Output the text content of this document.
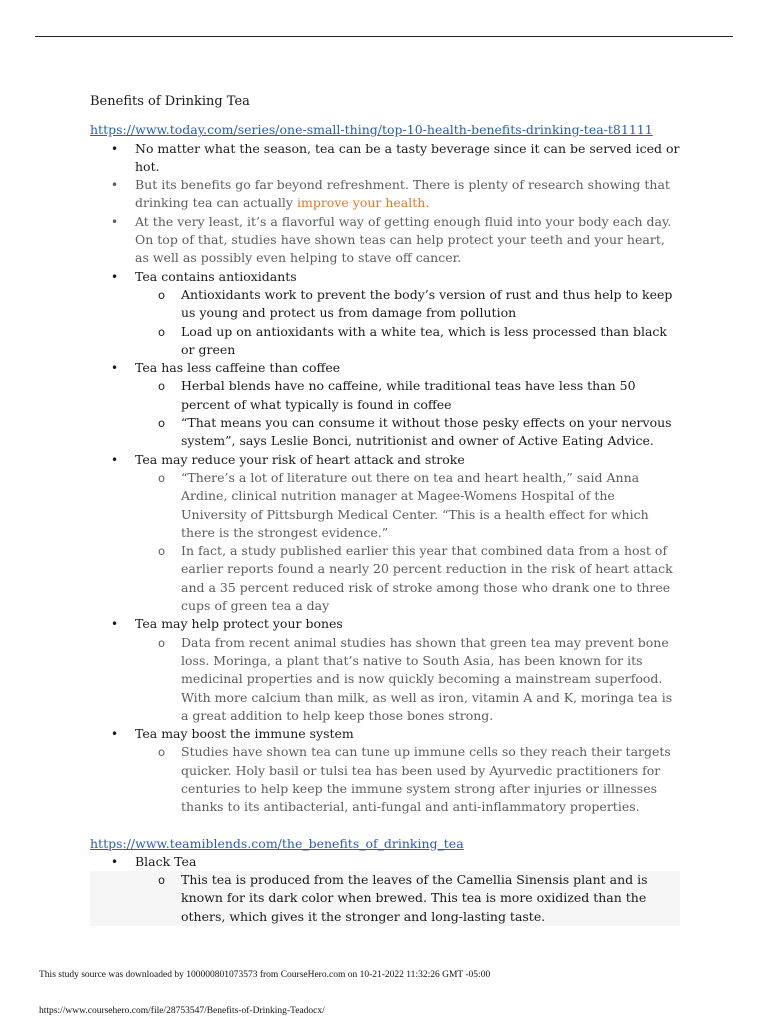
Benefits of Drinking Tea
https://www.today.com/series/one-small-thing/top-10-health-benefits-drinking-tea-t81111
• No matter what the season, tea can be a tasty beverage since it can be served iced or hot.
• But its benefits go far beyond refreshment. There is plenty of research showing that drinking tea can actually improve your health.
• At the very least, it’s a flavorful way of getting enough fluid into your body each day. On top of that, studies have shown teas can help protect your teeth and your heart, as well as possibly even helping to stave off cancer.
• Tea contains antioxidants
o Antioxidants work to prevent the body’s version of rust and thus help to keep us young and protect us from damage from pollution
o Load up on antioxidants with a white tea, which is less processed than black or green
• Tea has less caffeine than coffee
o Herbal blends have no caffeine, while traditional teas have less than 50 percent of what typically is found in coffee
o “That means you can consume it without those pesky effects on your nervous system”, says Leslie Bonci, nutritionist and owner of Active Eating Advice.
• Tea may reduce your risk of heart attack and stroke
o “There’s a lot of literature out there on tea and heart health,” said Anna Ardine, clinical nutrition manager at Magee-Womens Hospital of the University of Pittsburgh Medical Center. “This is a health effect for which there is the strongest evidence.”
o In fact, a study published earlier this year that combined data from a host of earlier reports found a nearly 20 percent reduction in the risk of heart attack and a 35 percent reduced risk of stroke among those who drank one to three cups of green tea a day
• Tea may help protect your bones
o Data from recent animal studies has shown that green tea may prevent bone loss. Moringa, a plant that’s native to South Asia, has been known for its medicinal properties and is now quickly becoming a mainstream superfood. With more calcium than milk, as well as iron, vitamin A and K, moringa tea is a great addition to help keep those bones strong.
• Tea may boost the immune system
o Studies have shown tea can tune up immune cells so they reach their targets quicker. Holy basil or tulsi tea has been used by Ayurvedic practitioners for centuries to help keep the immune system strong after injuries or illnesses thanks to its antibacterial, anti-fungal and anti-inflammatory properties.
https://www.teamiblends.com/the_benefits_of_drinking_tea
• Black Tea
o This tea is produced from the leaves of the Camellia Sinensis plant and is known for its dark color when brewed. This tea is more oxidized than the others, which gives it the stronger and long-lasting taste.
This study source was downloaded by 100000801073573 from CourseHero.com on 10-21-2022 11:32:26 GMT -05:00
https://www.coursehero.com/file/28753547/Benefits-of-Drinking-Teadocx/
